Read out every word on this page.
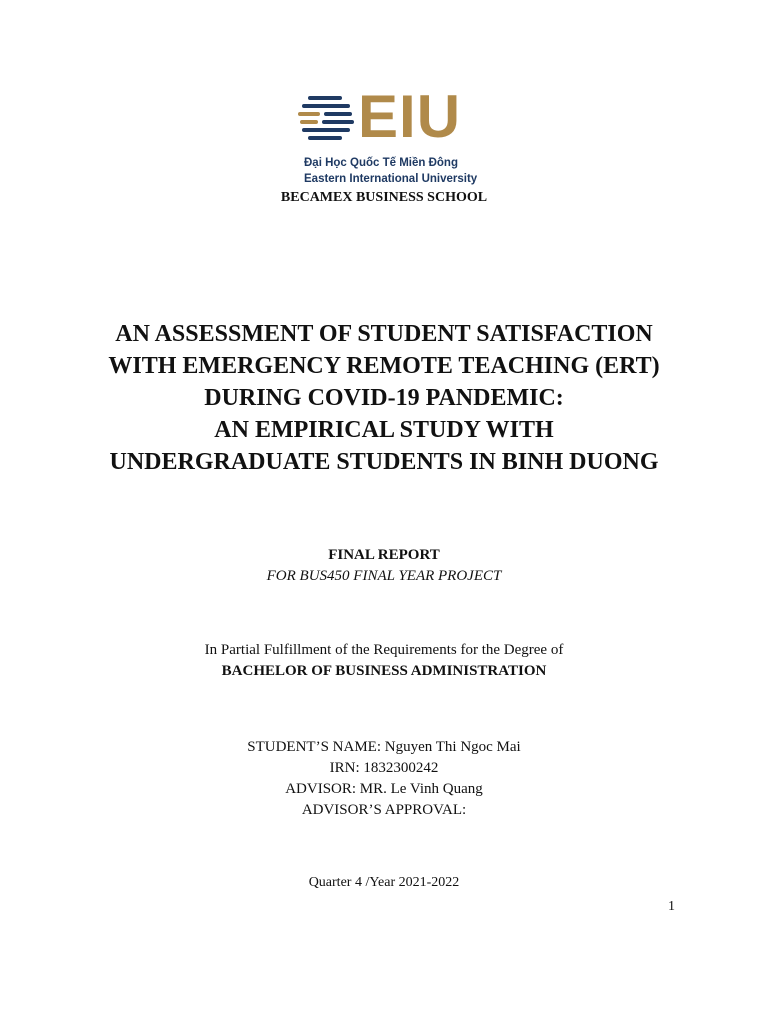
EIU
Đại Học Quốc Tế Miền Đông
Eastern International University
BECAMEX BUSINESS SCHOOL
AN ASSESSMENT OF STUDENT SATISFACTION
WITH EMERGENCY REMOTE TEACHING (ERT)
DURING COVID-19 PANDEMIC:
AN EMPIRICAL STUDY WITH
UNDERGRADUATE STUDENTS IN BINH DUONG
FINAL REPORT
FOR BUS450 FINAL YEAR PROJECT
In Partial Fulfillment of the Requirements for the Degree of
BACHELOR OF BUSINESS ADMINISTRATION
STUDENT’S NAME: Nguyen Thi Ngoc Mai
IRN: 1832300242
ADVISOR: MR. Le Vinh Quang
ADVISOR’S APPROVAL:
Quarter 4 /Year 2021-2022
1
